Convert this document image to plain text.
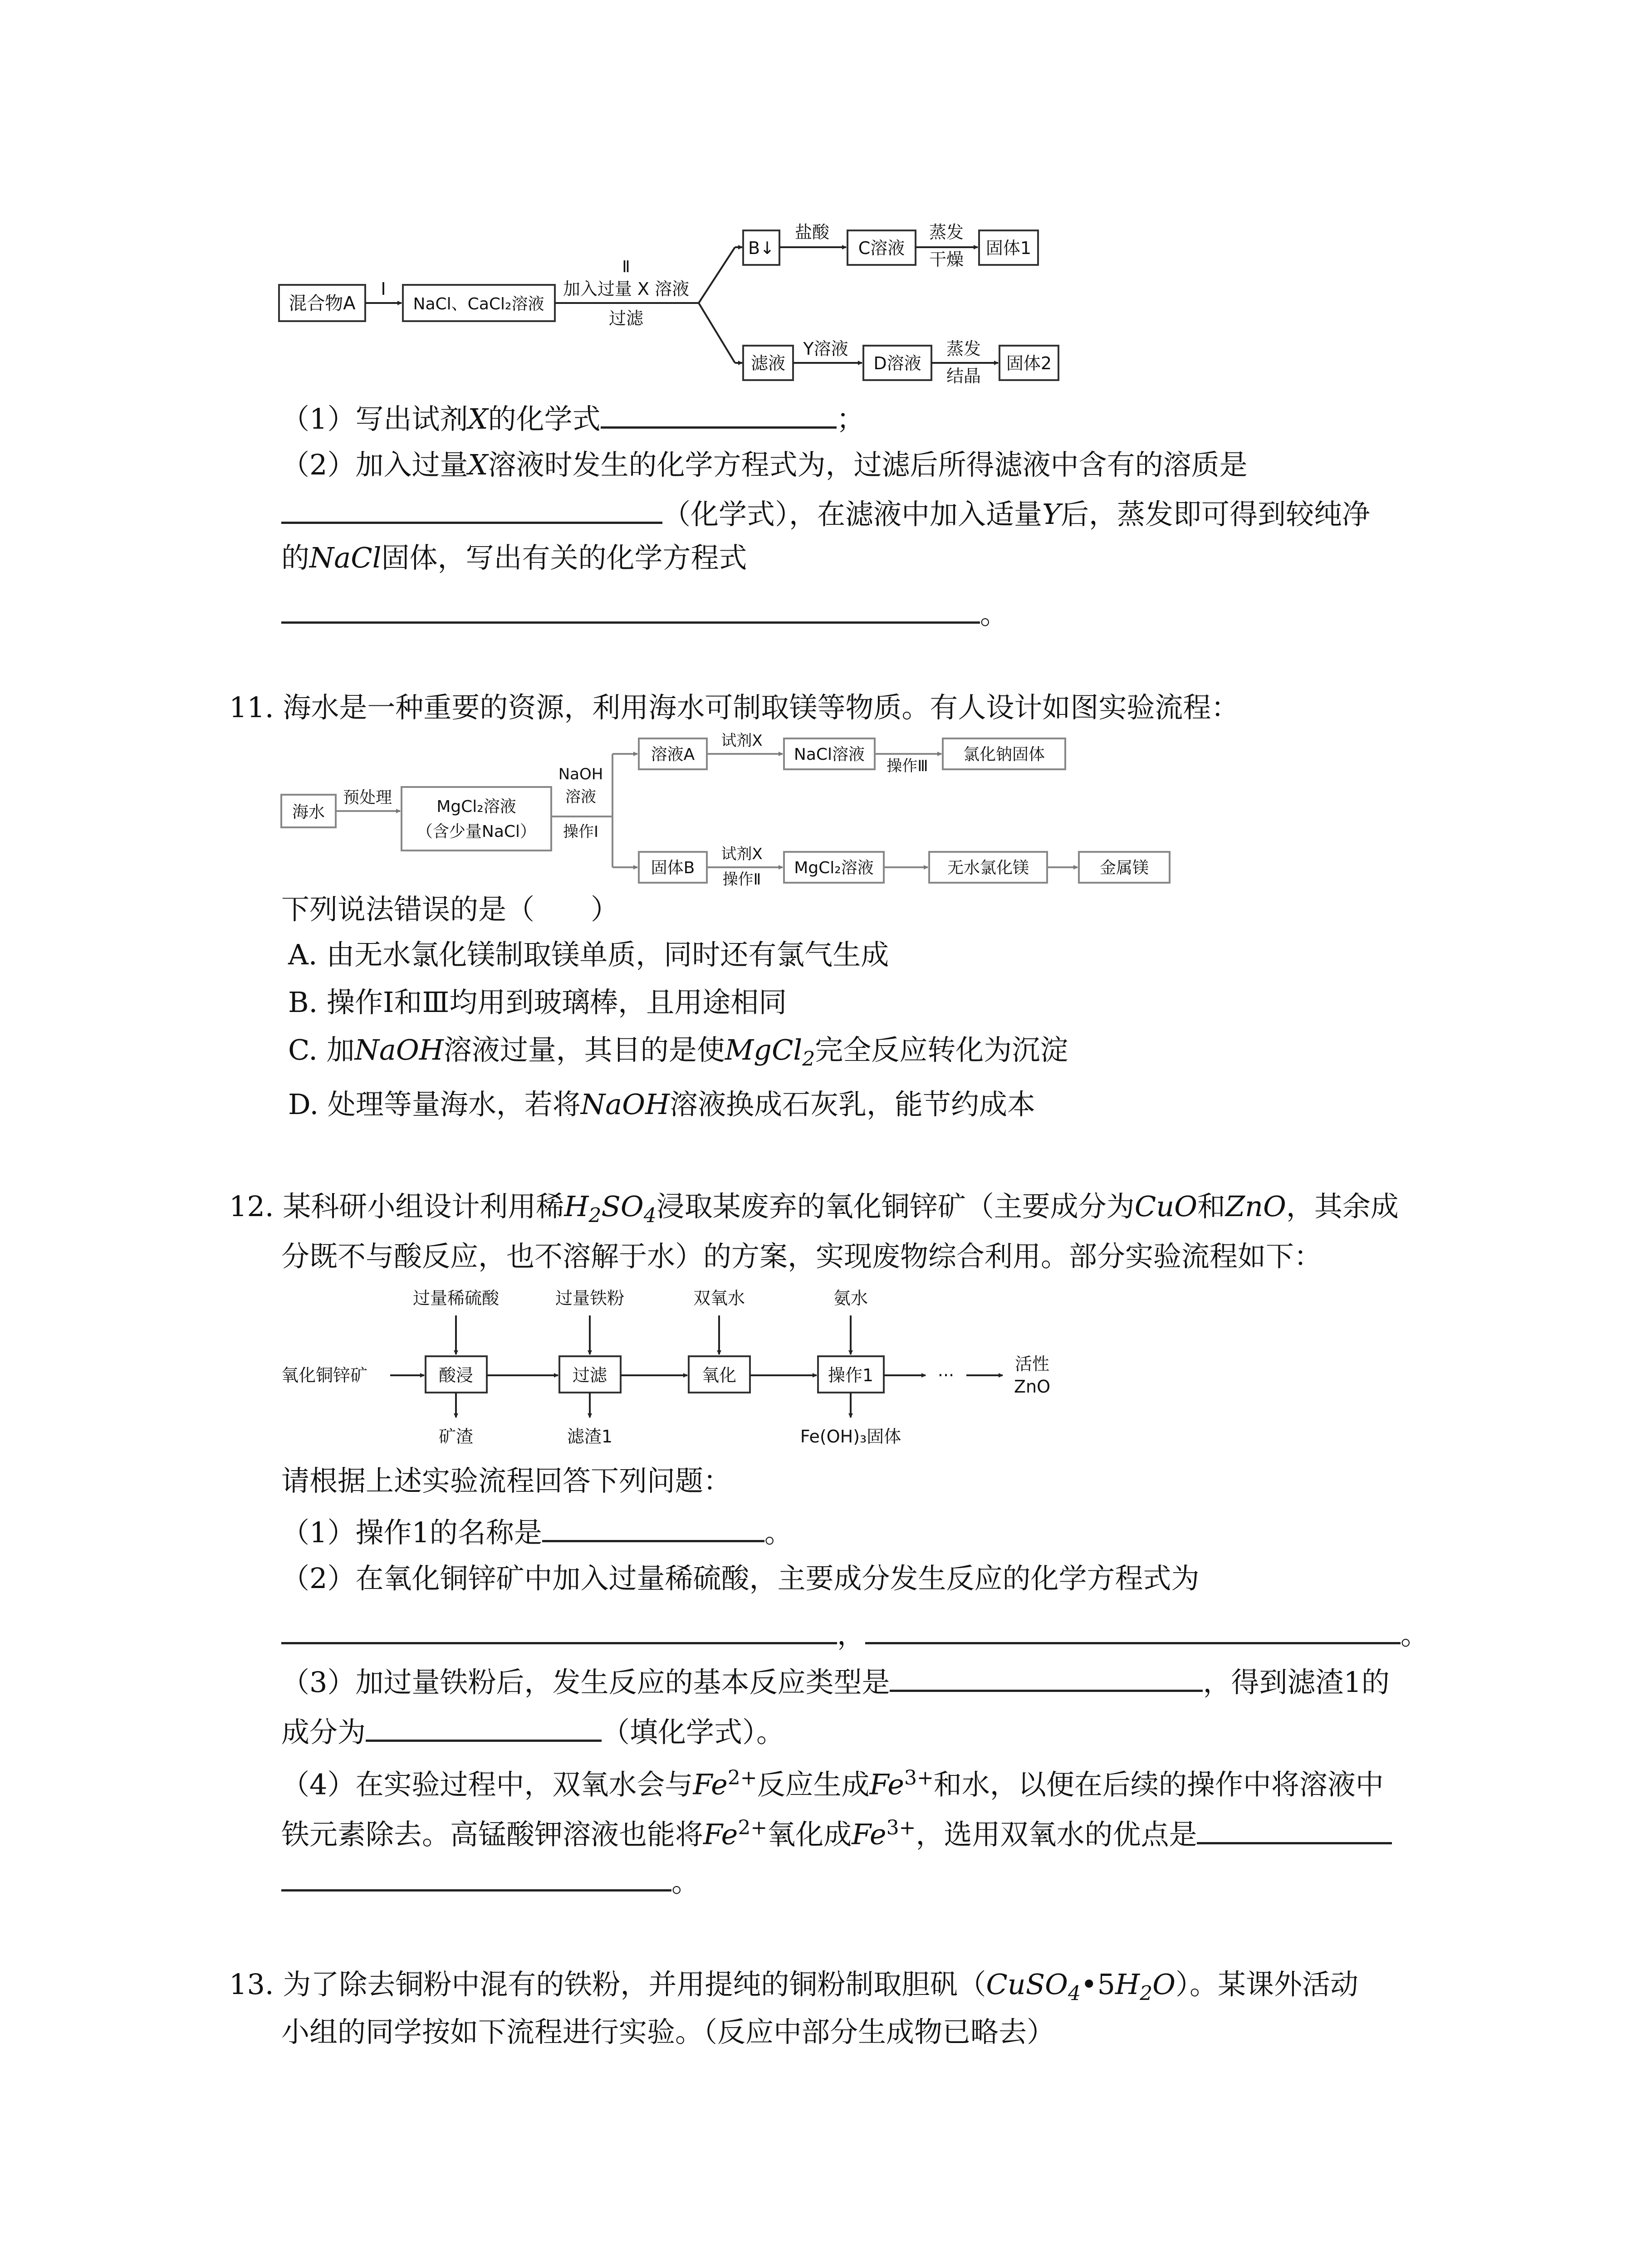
混合物A
Ⅰ
NaCl、CaCl₂溶液
Ⅱ
加入过量 X 溶液
过滤
B↓
盐酸
C溶液
蒸发
干燥
固体1
滤液
Y溶液
D溶液
蒸发
结晶
固体2
（1）写出试剂X的化学式	；
（2）加入过量X溶液时发生的化学方程式为，过滤后所得滤液中含有的溶质是
（化学式），在滤液中加入适量Y后，蒸发即可得到较纯净
的NaCl固体，写出有关的化学方程式
。
11. 海水是一种重要的资源，利用海水可制取镁等物质。有人设计如图实验流程：
海水
预处理	MgCl₂溶液
（含少量NaCl）
NaOH
溶液
操作Ⅰ
溶液A
试剂X
NaCl溶液
操作Ⅲ
氯化钠固体
固体B
试剂X
操作Ⅱ
MgCl₂溶液	无水氯化镁	金属镁
下列说法错误的是（　　）
A. 由无水氯化镁制取镁单质，同时还有氯气生成
B. 操作Ⅰ和Ⅲ均用到玻璃棒，且用途相同
C. 加NaOH溶液过量，其目的是使MgCl$_2$完全反应转化为沉淀
D. 处理等量海水，若将NaOH溶液换成石灰乳，能节约成本
12. 某科研小组设计利用稀$H_2SO_4$浸取某废弃的氧化铜锌矿（主要成分为CuO和ZnO，其余成
分既不与酸反应，也不溶解于水）的方案，实现废物综合利用。部分实验流程如下：
氧化铜锌矿	酸浸
过量稀硫酸
矿渣
过滤
过量铁粉
滤渣1
氧化
双氧水
操作1
氨水
Fe(OH)₃固体
···
活性
ZnO
请根据上述实验流程回答下列问题：
（1）操作1的名称是	。
（2）在氧化铜锌矿中加入过量稀硫酸，主要成分发生反应的化学方程式为
，	。
（3）加过量铁粉后，发生反应的基本反应类型是	，得到滤渣1的
成分为	（填化学式）。
（4）在实验过程中，双氧水会与$Fe^{2+}$反应生成$Fe^{3+}$和水，以便在后续的操作中将溶液中
铁元素除去。高锰酸钾溶液也能将$Fe^{2+}$氧化成$Fe^{3+}$，选用双氧水的优点是
。
13. 为了除去铜粉中混有的铁粉，并用提纯的铜粉制取胆矾$(CuSO_4•5H_2O)$。某课外活动
小组的同学按如下流程进行实验。（反应中部分生成物已略去）
